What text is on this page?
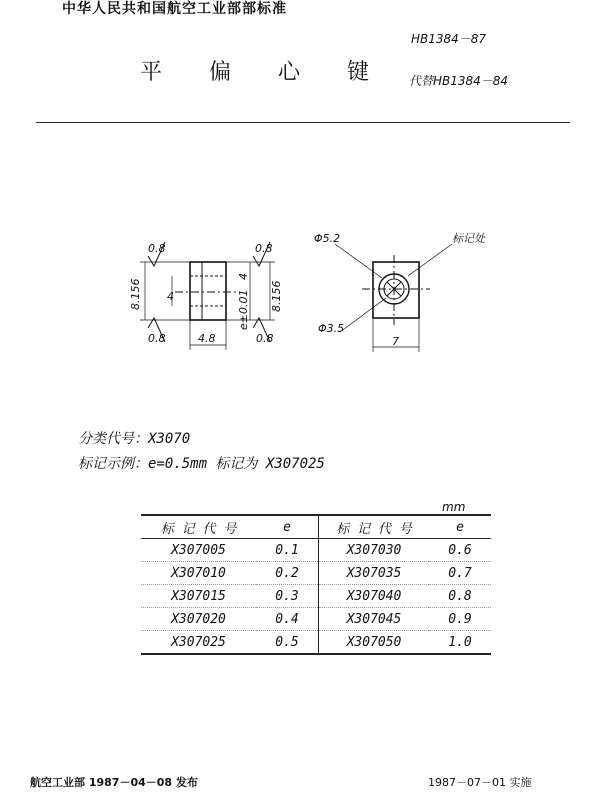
中华人民共和国航空工业部部标准
HB1384－87
平 偏 心 键 代替HB1384－84
0.8	0.8
0.8	0.8
8.156 4
4.8
4
e±0.01 8.156
Φ5.2
Φ3.5
标记处
7
分类代号：X3070
标记示例：e=0.5mm 标记为 X307025
mm
标 记 代 号	e	标 记 代 号	e
X307005	0.1	X307030	0.6
X307010	0.2	X307035	0.7
X307015	0.3	X307040	0.8
X307020	0.4	X307045	0.9
X307025	0.5	X307050	1.0
航空工业部 1987－04－08 发布	1987－07－01 实施
